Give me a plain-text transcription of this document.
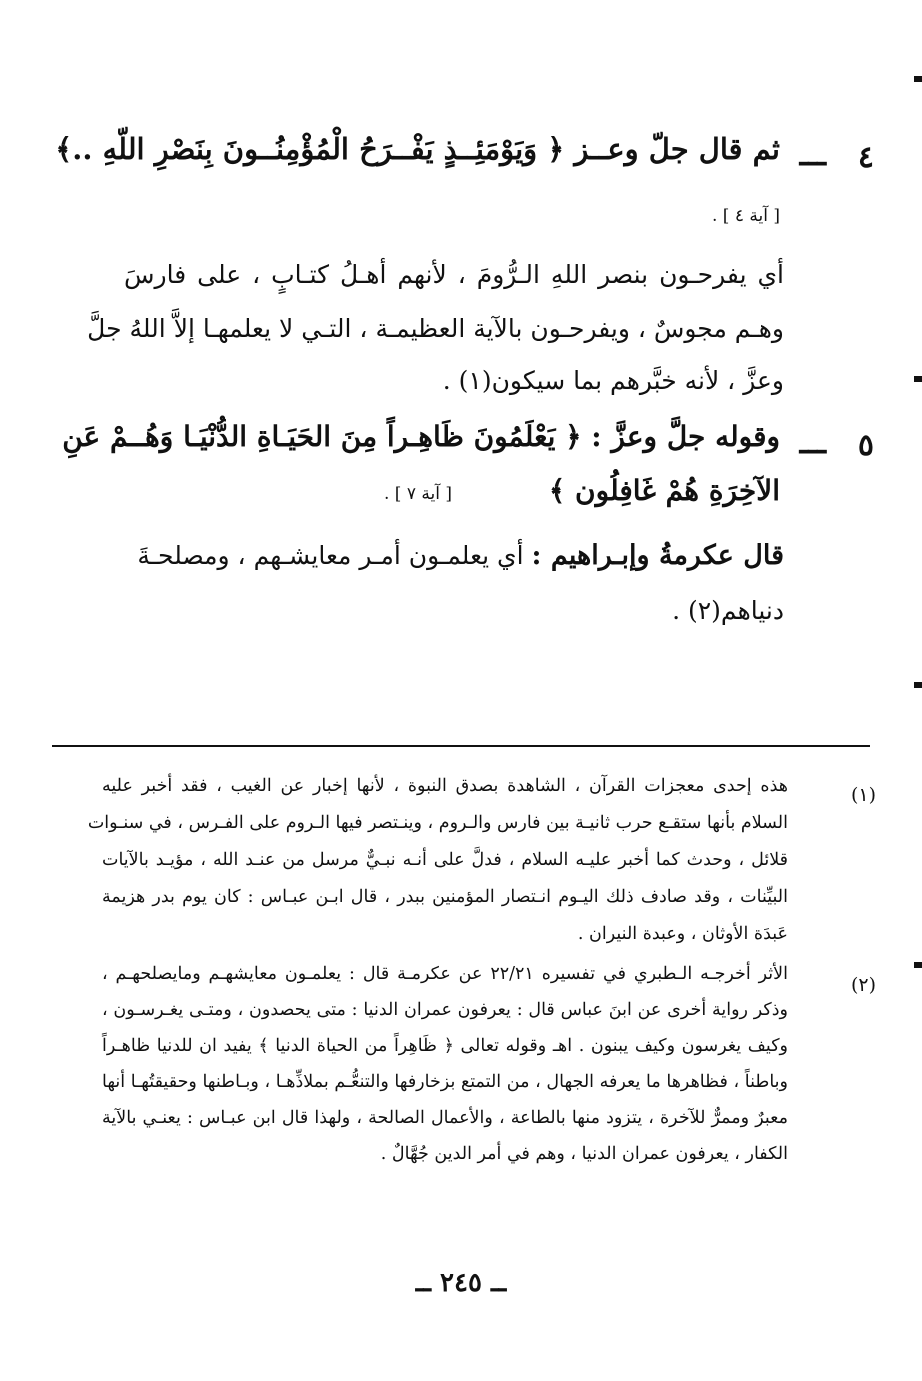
٤
ـــ
ثم قال جلّ وعــز ﴿ وَيَوْمَئِــذٍ يَفْــرَحُ الْمُؤْمِنُــونَ بِنَصْرِ اللّهِ ..﴾
[ آية ٤ ] .
أي يفرحـون بنصر اللهِ الـرُّومَ ، لأنهم أهـلُ كتـابٍ ، على فارسَ
وهـم مجوسٌ ، ويفرحـون بالآية العظيمـة ، التـي لا يعلمهـا إلاَّ اللهُ جلَّ
وعزَّ ، لأنه خبَّرهم بما سيكون(١) .
٥
ـــ
وقوله جلَّ وعزَّ : ﴿ يَعْلَمُونَ ظَاهِـراً مِنَ الحَيَـاةِ الدُّنْيَـا وَهُــمْ عَنِ
الآخِرَةِ هُمْ غَافِلُون ﴾
[ آية ٧ ] .
قال عكرمةُ وإبـراهيم : أي يعلمـون أمـر معايشـهم ، ومصلحـةَ
دنياهم(٢) .
(١)
هذه إحدى معجزات القرآن ، الشاهدة بصدق النبوة ، لأنها إخبار عن الغيب ، فقد أخبر عليه
السلام بأنها ستقـع حرب ثانيـة بين فارس والـروم ، وينـتصر فيها الـروم على الفـرس ، في سنـوات
قلائل ، وحدث كما أخبر عليـه السلام ، فدلَّ على أنـه نبـيٌّ مرسل من عنـد الله ، مؤيـد بالآيات
البيِّنات ، وقد صادف ذلك اليـوم انـتصار المؤمنين ببدر ، قال ابـن عبـاس : كان يوم بدر هزيمة
عَبدَة الأوثان ، وعبدة النيران .
(٢)
الأثر أخرجـه الـطبري في تفسيره ٢٢/٢١ عن عكرمـة قال : يعلمـون معايشهـم ومايصلحهـم ،
وذكر رواية أخرى عن ابنَ عباس قال : يعرفون عمران الدنيا : متى يحصدون ، ومتـى يغـرسـون ،
وكيف يغرسون وكيف يبنون . اهـ وقوله تعالى ﴿ ظَاهِراً من الحياة الدنيا ﴾ يفيد ان للدنيا ظاهـراً
وباطناً ، فظاهرها ما يعرفه الجهال ، من التمتع بزخارفها والتنعُّـم بملاذِّهـا ، وبـاطنها وحقيقتُهـا أنها
معبرٌ وممرٌّ للآخرة ، يتزود منها بالطاعة ، والأعمال الصالحة ، ولهذا قال ابن عبـاس : يعنـي بالآية
الكفار ، يعرفون عمران الدنيا ، وهم في أمر الدين جُهَّالٌ .
ــ ٢٤٥ ــ
